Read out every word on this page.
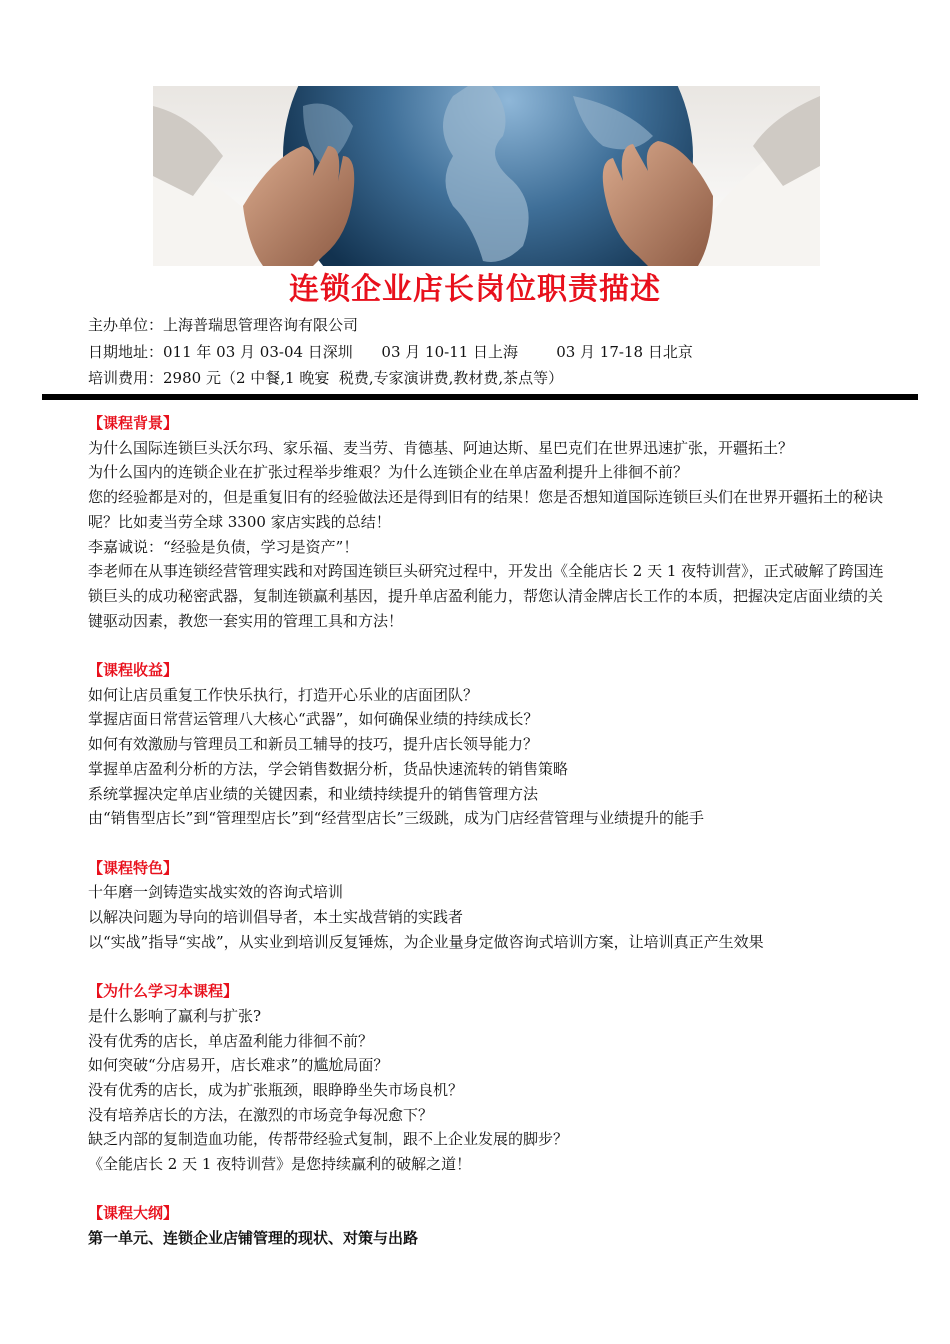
连锁企业店长岗位职责描述
主办单位：上海普瑞思管理咨询有限公司
日期地址：011 年 03 月 03-04 日深圳      03 月 10-11 日上海        03 月 17-18 日北京
培训费用：2980 元（2 中餐,1 晚宴  税费,专家演讲费,教材费,茶点等）
【课程背景】
为什么国际连锁巨头沃尔玛、家乐福、麦当劳、肯德基、阿迪达斯、星巴克们在世界迅速扩张，开疆拓土？
为什么国内的连锁企业在扩张过程举步维艰？为什么连锁企业在单店盈利提升上徘徊不前？
您的经验都是对的，但是重复旧有的经验做法还是得到旧有的结果！您是否想知道国际连锁巨头们在世界开疆拓土的秘诀呢？比如麦当劳全球 3300 家店实践的总结！
李嘉诚说：“经验是负债，学习是资产”！
李老师在从事连锁经营管理实践和对跨国连锁巨头研究过程中，开发出《全能店长 2 天 1 夜特训营》，正式破解了跨国连锁巨头的成功秘密武器，复制连锁赢利基因，提升单店盈利能力，帮您认清金牌店长工作的本质，把握决定店面业绩的关键驱动因素，教您一套实用的管理工具和方法！
【课程收益】
如何让店员重复工作快乐执行，打造开心乐业的店面团队？
掌握店面日常营运管理八大核心“武器”，如何确保业绩的持续成长？
如何有效激励与管理员工和新员工辅导的技巧，提升店长领导能力？
掌握单店盈利分析的方法，学会销售数据分析，货品快速流转的销售策略
系统掌握决定单店业绩的关键因素，和业绩持续提升的销售管理方法
由“销售型店长”到“管理型店长”到“经营型店长”三级跳，成为门店经营管理与业绩提升的能手
【课程特色】
十年磨一剑铸造实战实效的咨询式培训
以解决问题为导向的培训倡导者，本土实战营销的实践者
以“实战”指导“实战”，从实业到培训反复锤炼，为企业量身定做咨询式培训方案，让培训真正产生效果
【为什么学习本课程】
是什么影响了赢利与扩张?
没有优秀的店长，单店盈利能力徘徊不前？
如何突破“分店易开，店长难求”的尴尬局面？
没有优秀的店长，成为扩张瓶颈，眼睁睁坐失市场良机？
没有培养店长的方法，在激烈的市场竞争每况愈下？
缺乏内部的复制造血功能，传帮带经验式复制，跟不上企业发展的脚步？
《全能店长 2 天 1 夜特训营》是您持续赢利的破解之道！
【课程大纲】
第一单元、连锁企业店铺管理的现状、对策与出路
